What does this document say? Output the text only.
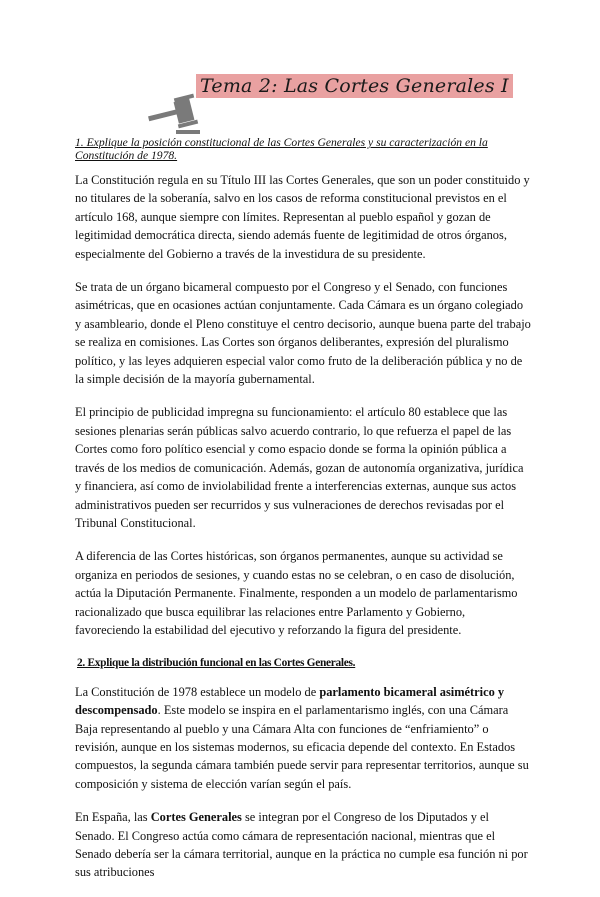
Tema 2: Las Cortes Generales I
1. Explique la posición constitucional de las Cortes Generales y su caracterización en la Constitución de 1978.

La Constitución regula en su Título III las Cortes Generales, que son un poder constituido y no titulares de la soberanía, salvo en los casos de reforma constitucional previstos en el artículo 168, aunque siempre con límites. Representan al pueblo español y gozan de legitimidad democrática directa, siendo además fuente de legitimidad de otros órganos, especialmente del Gobierno a través de la investidura de su presidente.

Se trata de un órgano bicameral compuesto por el Congreso y el Senado, con funciones asimétricas, que en ocasiones actúan conjuntamente. Cada Cámara es un órgano colegiado y asambleario, donde el Pleno constituye el centro decisorio, aunque buena parte del trabajo se realiza en comisiones. Las Cortes son órganos deliberantes, expresión del pluralismo político, y las leyes adquieren especial valor como fruto de la deliberación pública y no de la simple decisión de la mayoría gubernamental.

El principio de publicidad impregna su funcionamiento: el artículo 80 establece que las sesiones plenarias serán públicas salvo acuerdo contrario, lo que refuerza el papel de las Cortes como foro político esencial y como espacio donde se forma la opinión pública a través de los medios de comunicación. Además, gozan de autonomía organizativa, jurídica y financiera, así como de inviolabilidad frente a interferencias externas, aunque sus actos administrativos pueden ser recurridos y sus vulneraciones de derechos revisadas por el Tribunal Constitucional.

A diferencia de las Cortes históricas, son órganos permanentes, aunque su actividad se organiza en periodos de sesiones, y cuando estas no se celebran, o en caso de disolución, actúa la Diputación Permanente. Finalmente, responden a un modelo de parlamentarismo racionalizado que busca equilibrar las relaciones entre Parlamento y Gobierno, favoreciendo la estabilidad del ejecutivo y reforzando la figura del presidente.

2. Explique la distribución funcional en las Cortes Generales.

La Constitución de 1978 establece un modelo de parlamento bicameral asimétrico y descompensado. Este modelo se inspira en el parlamentarismo inglés, con una Cámara Baja representando al pueblo y una Cámara Alta con funciones de “enfriamiento” o revisión, aunque en los sistemas modernos, su eficacia depende del contexto. En Estados compuestos, la segunda cámara también puede servir para representar territorios, aunque su composición y sistema de elección varían según el país.

En España, las Cortes Generales se integran por el Congreso de los Diputados y el Senado. El Congreso actúa como cámara de representación nacional, mientras que el Senado debería ser la cámara territorial, aunque en la práctica no cumple esa función ni por sus atribuciones
